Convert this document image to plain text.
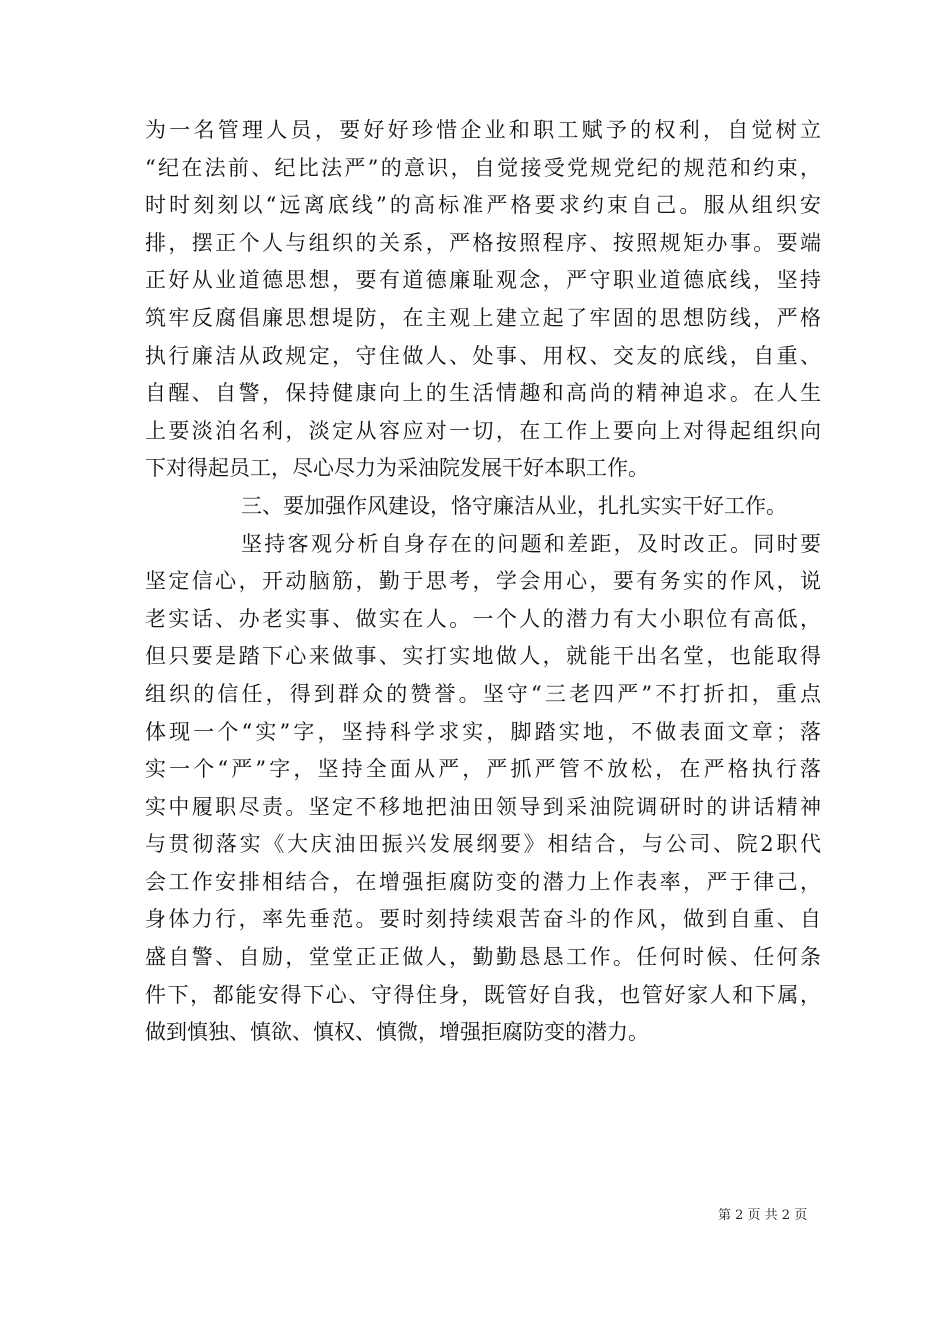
为一名管理人员，要好好珍惜企业和职工赋予的权利，自觉树立
“纪在法前、纪比法严”的意识，自觉接受党规党纪的规范和约束，
时时刻刻以“远离底线”的高标准严格要求约束自己。服从组织安
排，摆正个人与组织的关系，严格按照程序、按照规矩办事。要端
正好从业道德思想，要有道德廉耻观念，严守职业道德底线，坚持
筑牢反腐倡廉思想堤防，在主观上建立起了牢固的思想防线，严格
执行廉洁从政规定，守住做人、处事、用权、交友的底线，自重、
自醒、自警，保持健康向上的生活情趣和高尚的精神追求。在人生
上要淡泊名利，淡定从容应对一切，在工作上要向上对得起组织向
下对得起员工，尽心尽力为采油院发展干好本职工作。
三、要加强作风建设，恪守廉洁从业，扎扎实实干好工作。
坚持客观分析自身存在的问题和差距，及时改正。同时要
坚定信心，开动脑筋，勤于思考，学会用心，要有务实的作风，说
老实话、办老实事、做实在人。一个人的潜力有大小职位有高低，
但只要是踏下心来做事、实打实地做人，就能干出名堂，也能取得
组织的信任，得到群众的赞誉。坚守“三老四严”不打折扣，重点
体现一个“实”字，坚持科学求实，脚踏实地，不做表面文章；落
实一个“严”字，坚持全面从严，严抓严管不放松，在严格执行落
实中履职尽责。坚定不移地把油田领导到采油院调研时的讲话精神
与贯彻落实《大庆油田振兴发展纲要》相结合，与公司、院2职代
会工作安排相结合，在增强拒腐防变的潜力上作表率，严于律己，
身体力行，率先垂范。要时刻持续艰苦奋斗的作风，做到自重、自
盛自警、自励，堂堂正正做人，勤勤恳恳工作。任何时候、任何条
件下，都能安得下心、守得住身，既管好自我，也管好家人和下属，
做到慎独、慎欲、慎权、慎微，增强拒腐防变的潜力。
第 2 页 共 2 页
